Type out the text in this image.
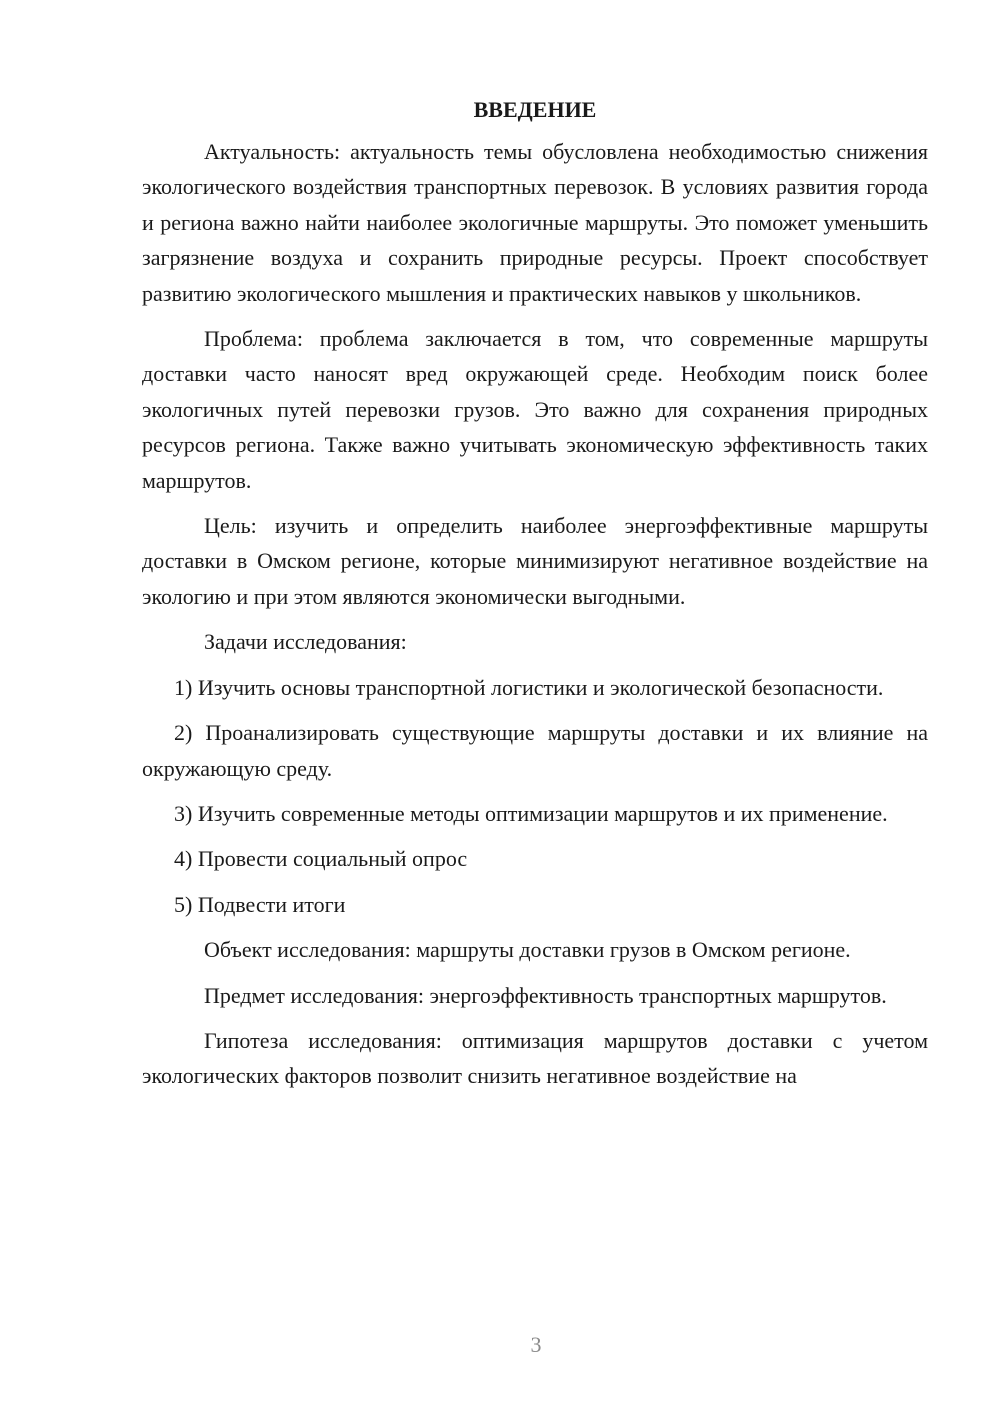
ВВЕДЕНИЕ

Актуальность: актуальность темы обусловлена необходимостью снижения экологического воздействия транспортных перевозок. В условиях развития города и региона важно найти наиболее экологичные маршруты. Это поможет уменьшить загрязнение воздуха и сохранить природные ресурсы. Проект способствует развитию экологического мышления и практических навыков у школьников.

Проблема: проблема заключается в том, что современные маршруты доставки часто наносят вред окружающей среде. Необходим поиск более экологичных путей перевозки грузов. Это важно для сохранения природных ресурсов региона. Также важно учитывать экономическую эффективность таких маршрутов.

Цель: изучить и определить наиболее энергоэффективные маршруты доставки в Омском регионе, которые минимизируют негативное воздействие на экологию и при этом являются экономически выгодными.

Задачи исследования:

1) Изучить основы транспортной логистики и экологической безопасности.

2) Проанализировать существующие маршруты доставки и их влияние на окружающую среду.

3) Изучить современные методы оптимизации маршрутов и их применение.

4) Провести социальный опрос

5) Подвести итоги

Объект исследования: маршруты доставки грузов в Омском регионе.

Предмет исследования: энергоэффективность транспортных маршрутов.

Гипотеза исследования: оптимизация маршрутов доставки с учетом экологических факторов позволит снизить негативное воздействие на

3
